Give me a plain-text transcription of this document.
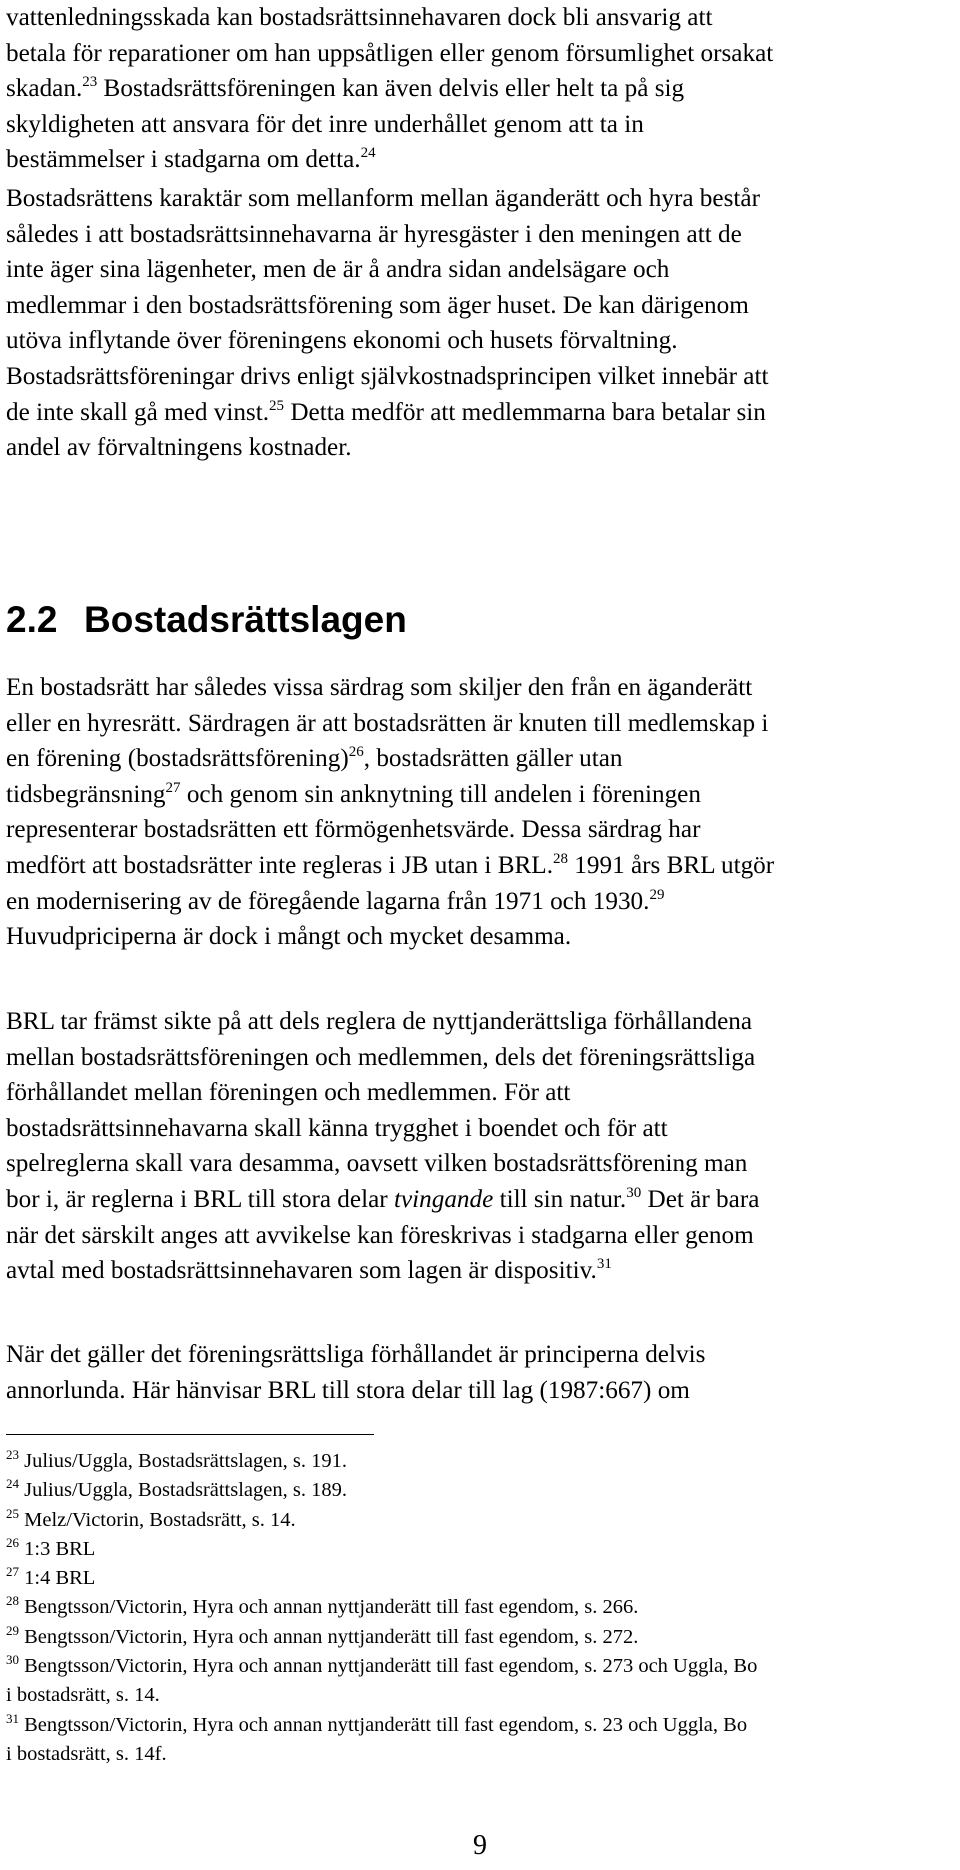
vattenledningsskada kan bostadsrättsinnehavaren dock bli ansvarig att
betala för reparationer om han uppsåtligen eller genom försumlighet orsakat
skadan.$^{23}$ Bostadsrättsföreningen kan även delvis eller helt ta på sig
skyldigheten att ansvara för det inre underhållet genom att ta in
bestämmelser i stadgarna om detta.$^{24}$

Bostadsrättens karaktär som mellanform mellan äganderätt och hyra består
således i att bostadsrättsinnehavarna är hyresgäster i den meningen att de
inte äger sina lägenheter, men de är å andra sidan andelsägare och
medlemmar i den bostadsrättsförening som äger huset. De kan därigenom
utöva inflytande över föreningens ekonomi och husets förvaltning.
Bostadsrättsföreningar drivs enligt självkostnadsprincipen vilket innebär att
de inte skall gå med vinst.$^{25}$ Detta medför att medlemmarna bara betalar sin
andel av förvaltningens kostnader.

2.2 Bostadsrättslagen

En bostadsrätt har således vissa särdrag som skiljer den från en äganderätt
eller en hyresrätt. Särdragen är att bostadsrätten är knuten till medlemskap i
en förening (bostadsrättsförening)$^{26}$, bostadsrätten gäller utan
tidsbegränsning$^{27}$ och genom sin anknytning till andelen i föreningen
representerar bostadsrätten ett förmögenhetsvärde. Dessa särdrag har
medfört att bostadsrätter inte regleras i JB utan i BRL.$^{28}$ 1991 års BRL utgör
en modernisering av de föregående lagarna från 1971 och 1930.29
Huvudpriciperna är dock i mångt och mycket desamma.

BRL tar främst sikte på att dels reglera de nyttjanderättsliga förhållandena
mellan bostadsrättsföreningen och medlemmen, dels det föreningsrättsliga
förhållandet mellan föreningen och medlemmen. För att
bostadsrättsinnehavarna skall känna trygghet i boendet och för att
spelreglerna skall vara desamma, oavsett vilken bostadsrättsförening man
bor i, är reglerna i BRL till stora delar tvingande till sin natur.$^{30}$ Det är bara
när det särskilt anges att avvikelse kan föreskrivas i stadgarna eller genom
avtal med bostadsrättsinnehavaren som lagen är dispositiv.$^{31}$

När det gäller det föreningsrättsliga förhållandet är principerna delvis
annorlunda. Här hänvisar BRL till stora delar till lag (1987:667) om

$^{23}$ Julius/Uggla, Bostadsrättslagen, s. 191.
$^{24}$ Julius/Uggla, Bostadsrättslagen, s. 189.
$^{25}$ Melz/Victorin, Bostadsrätt, s. 14.
$^{26}$ 1:3 BRL
$^{27}$ 1:4 BRL
$^{28}$ Bengtsson/Victorin, Hyra och annan nyttjanderätt till fast egendom, s. 266.
$^{29}$ Bengtsson/Victorin, Hyra och annan nyttjanderätt till fast egendom, s. 272.
$^{30}$ Bengtsson/Victorin, Hyra och annan nyttjanderätt till fast egendom, s. 273 och Uggla, Bo
i bostadsrätt, s. 14.
$^{31}$ Bengtsson/Victorin, Hyra och annan nyttjanderätt till fast egendom, s. 23 och Uggla, Bo
i bostadsrätt, s. 14f.
9
